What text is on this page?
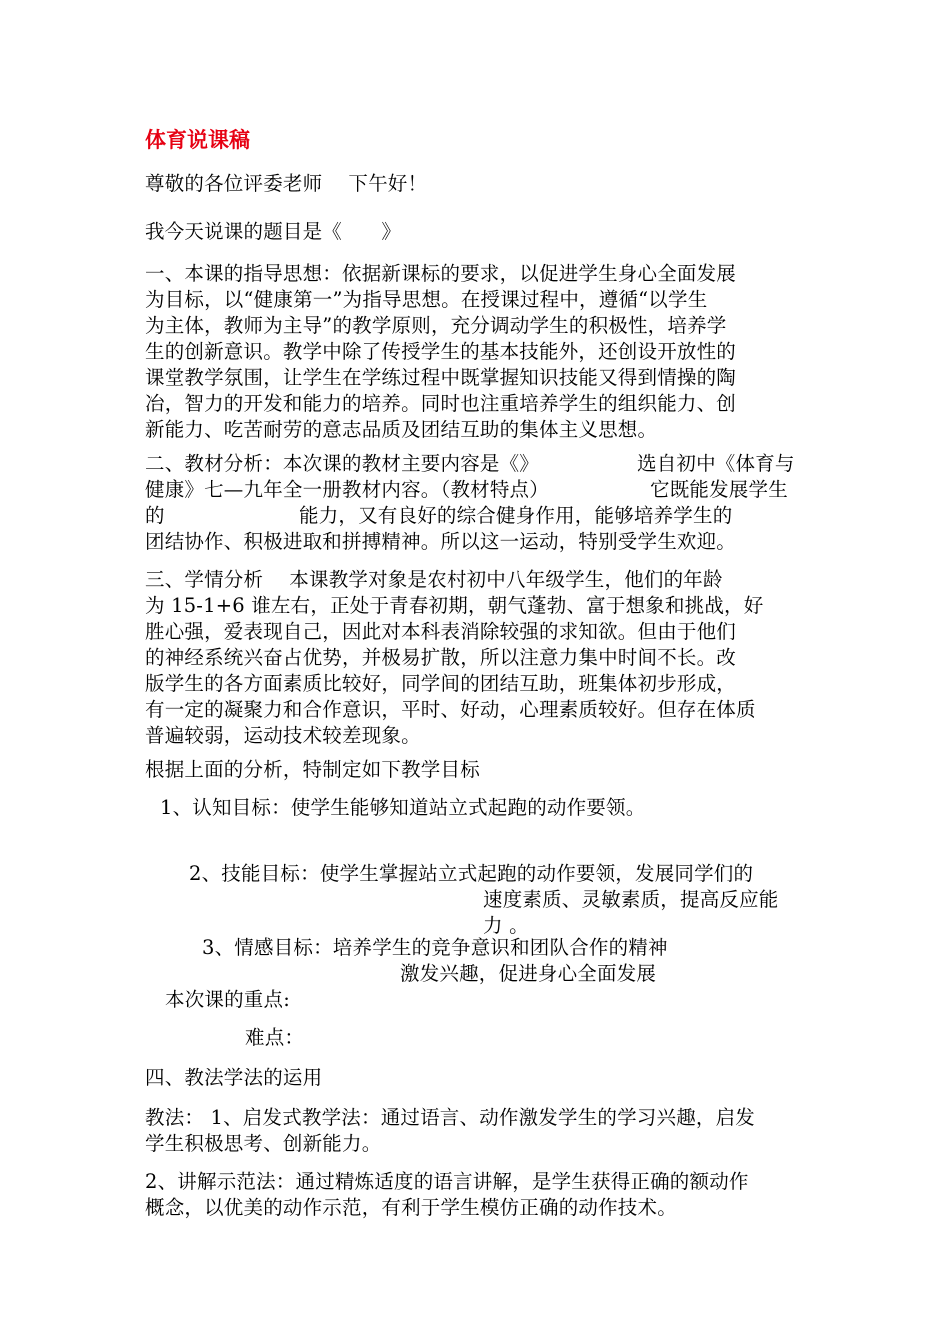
体育说课稿
尊敬的各位评委老师　 下午好！
我今天说课的题目是《　　》
一、本课的指导思想：依据新课标的要求，以促进学生身心全面发展
为目标，以“健康第一”为指导思想。在授课过程中，遵循“以学生
为主体，教师为主导”的教学原则，充分调动学生的积极性，培养学
生的创新意识。教学中除了传授学生的基本技能外，还创设开放性的
课堂教学氛围，让学生在学练过程中既掌握知识技能又得到情操的陶
冶，智力的开发和能力的培养。同时也注重培养学生的组织能力、创
新能力、吃苦耐劳的意志品质及团结互助的集体主义思想。
二、教材分析：本次课的教材主要内容是《》	选自初中《体育与
健康》七—九年全一册教材内容。（教材特点）	它既能发展学生
的	能力，又有良好的综合健身作用，能够培养学生的
团结协作、积极进取和拼搏精神。所以这一运动，特别受学生欢迎。
三、学情分析　 本课教学对象是农村初中八年级学生，他们的年龄
为 15-1+6 谁左右，正处于青春初期，朝气蓬勃、富于想象和挑战，好
胜心强，爱表现自己，因此对本科表消除较强的求知欲。但由于他们
的神经系统兴奋占优势，并极易扩散，所以注意力集中时间不长。改
版学生的各方面素质比较好，同学间的团结互助，班集体初步形成，
有一定的凝聚力和合作意识，平时、好动，心理素质较好。但存在体质
普遍较弱，运动技术较差现象。
根据上面的分析，特制定如下教学目标
1、认知目标：使学生能够知道站立式起跑的动作要领。
2、技能目标：使学生掌握站立式起跑的动作要领，发展同学们的
速度素质、灵敏素质，提高反应能
力 。
3、情感目标：培养学生的竞争意识和团队合作的精神
激发兴趣，促进身心全面发展
本次课的重点:
难点：
四、教法学法的运用
教法： 1、启发式教学法：通过语言、动作激发学生的学习兴趣，启发
学生积极思考、创新能力。
2、讲解示范法：通过精炼适度的语言讲解，是学生获得正确的额动作
概念，以优美的动作示范，有利于学生模仿正确的动作技术。
